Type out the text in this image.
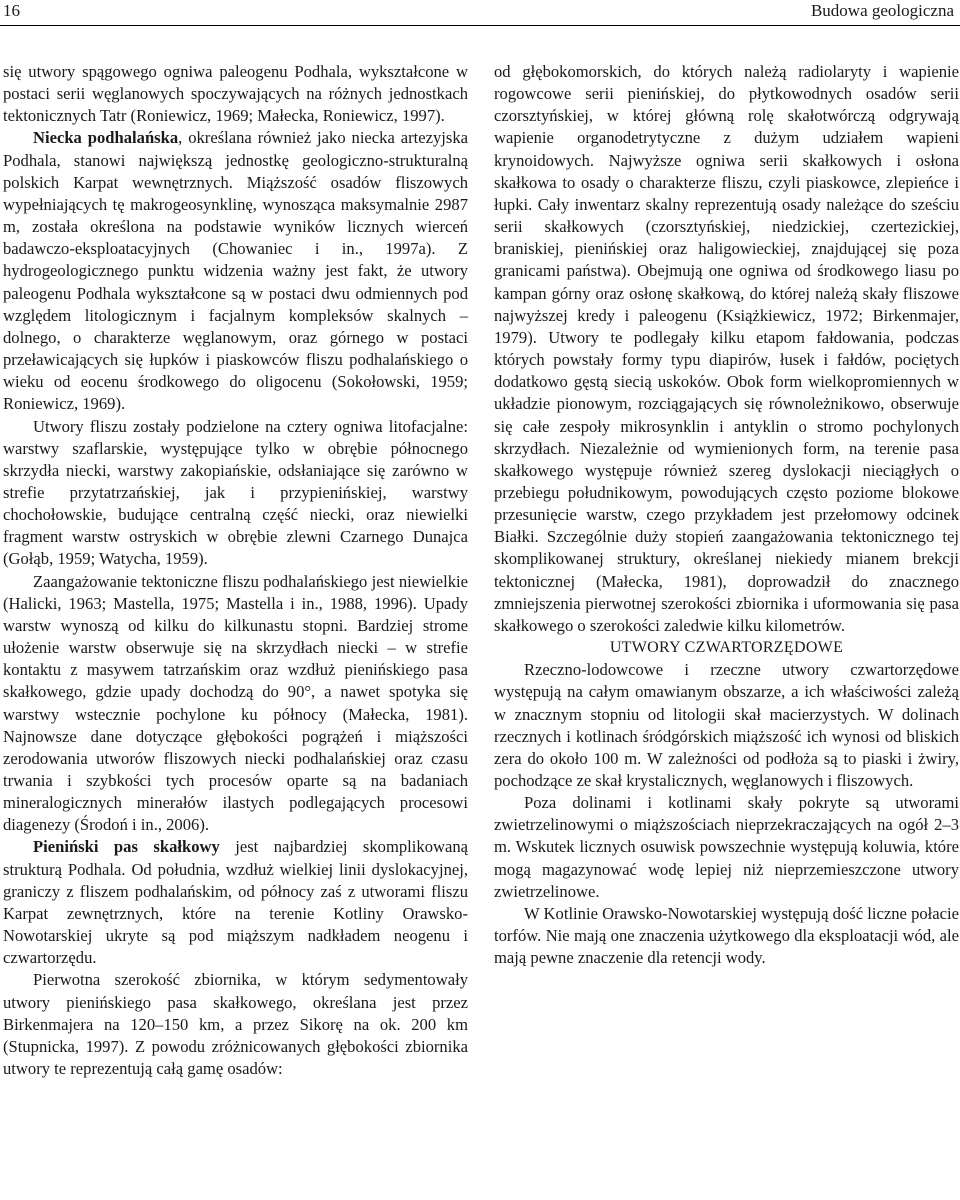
16	Budowa geologiczna

się utwory spągowego ogniwa paleogenu Podhala, wykształcone w postaci serii węglanowych spoczywających na różnych jednostkach tektonicznych Tatr (Roniewicz, 1969; Małecka, Roniewicz, 1997).

Niecka podhalańska, określana również jako niecka artezyjska Podhala, stanowi największą jednostkę geologiczno-strukturalną polskich Karpat wewnętrznych. Miąższość osadów fliszowych wypełniających tę makrogeosynklinę, wynosząca maksymalnie 2987 m, została określona na podstawie wyników licznych wierceń badawczo-eksploatacyjnych (Chowaniec i in., 1997a). Z hydrogeologicznego punktu widzenia ważny jest fakt, że utwory paleogenu Podhala wykształcone są w postaci dwu odmiennych pod względem litologicznym i facjalnym kompleksów skalnych – dolnego, o charakterze węglanowym, oraz górnego w postaci przeławicających się łupków i piaskowców fliszu podhalańskiego o wieku od eocenu środkowego do oligocenu (Sokołowski, 1959; Roniewicz, 1969).

Utwory fliszu zostały podzielone na cztery ogniwa litofacjalne: warstwy szaflarskie, występujące tylko w obrębie północnego skrzydła niecki, warstwy zakopiańskie, odsłaniające się zarówno w strefie przytatrzańskiej, jak i przypienińskiej, warstwy chochołowskie, budujące centralną część niecki, oraz niewielki fragment warstw ostryskich w obrębie zlewni Czarnego Dunajca (Gołąb, 1959; Watycha, 1959).

Zaangażowanie tektoniczne fliszu podhalańskiego jest niewielkie (Halicki, 1963; Mastella, 1975; Mastella i in., 1988, 1996). Upady warstw wynoszą od kilku do kilkunastu stopni. Bardziej strome ułożenie warstw obserwuje się na skrzydłach niecki – w strefie kontaktu z masywem tatrzańskim oraz wzdłuż pienińskiego pasa skałkowego, gdzie upady dochodzą do 90°, a nawet spotyka się warstwy wstecznie pochylone ku północy (Małecka, 1981). Najnowsze dane dotyczące głębokości pogrążeń i miąższości zerodowania utworów fliszowych niecki podhalańskiej oraz czasu trwania i szybkości tych procesów oparte są na badaniach mineralogicznych minerałów ilastych podlegających procesowi diagenezy (Środoń i in., 2006).

Pieniński pas skałkowy jest najbardziej skomplikowaną strukturą Podhala. Od południa, wzdłuż wielkiej linii dyslokacyjnej, graniczy z fliszem podhalańskim, od północy zaś z utworami fliszu Karpat zewnętrznych, które na terenie Kotliny Orawsko-Nowotarskiej ukryte są pod miąższym nadkładem neogenu i czwartorzędu.

Pierwotna szerokość zbiornika, w którym sedymentowały utwory pienińskiego pasa skałkowego, określana jest przez Birkenmajera na 120–150 km, a przez Sikorę na ok. 200 km (Stupnicka, 1997). Z powodu zróżnicowanych głębokości zbiornika utwory te reprezentują całą gamę osadów:

od głębokomorskich, do których należą radiolaryty i wapienie rogowcowe serii pienińskiej, do płytkowodnych osadów serii czorsztyńskiej, w której główną rolę skałotwórczą odgrywają wapienie organodetrytyczne z dużym udziałem wapieni krynoidowych. Najwyższe ogniwa serii skałkowych i osłona skałkowa to osady o charakterze fliszu, czyli piaskowce, zlepieńce i łupki. Cały inwentarz skalny reprezentują osady należące do sześciu serii skałkowych (czorsztyńskiej, niedzickiej, czertezickiej, braniskiej, pienińskiej oraz haligowieckiej, znajdującej się poza granicami państwa). Obejmują one ogniwa od środkowego liasu po kampan górny oraz osłonę skałkową, do której należą skały fliszowe najwyższej kredy i paleogenu (Książkiewicz, 1972; Birkenmajer, 1979). Utwory te podlegały kilku etapom fałdowania, podczas których powstały formy typu diapirów, łusek i fałdów, pociętych dodatkowo gęstą siecią uskoków. Obok form wielkopromiennych w układzie pionowym, rozciągających się równoleżnikowo, obserwuje się całe zespoły mikrosynklin i antyklin o stromo pochylonych skrzydłach. Niezależnie od wymienionych form, na terenie pasa skałkowego występuje również szereg dyslokacji nieciągłych o przebiegu południkowym, powodujących często poziome blokowe przesunięcie warstw, czego przykładem jest przełomowy odcinek Białki. Szczególnie duży stopień zaangażowania tektonicznego tej skomplikowanej struktury, określanej niekiedy mianem brekcji tektonicznej (Małecka, 1981), doprowadził do znacznego zmniejszenia pierwotnej szerokości zbiornika i uformowania się pasa skałkowego o szerokości zaledwie kilku kilometrów.

UTWORY CZWARTORZĘDOWE

Rzeczno-lodowcowe i rzeczne utwory czwartorzędowe występują na całym omawianym obszarze, a ich właściwości zależą w znacznym stopniu od litologii skał macierzystych. W dolinach rzecznych i kotlinach śródgórskich miąższość ich wynosi od bliskich zera do około 100 m. W zależności od podłoża są to piaski i żwiry, pochodzące ze skał krystalicznych, węglanowych i fliszowych.

Poza dolinami i kotlinami skały pokryte są utworami zwietrzelinowymi o miąższościach nieprzekraczających na ogół 2–3 m. Wskutek licznych osuwisk powszechnie występują koluwia, które mogą magazynować wodę lepiej niż nieprzemieszczone utwory zwietrzelinowe.

W Kotlinie Orawsko-Nowotarskiej występują dość liczne połacie torfów. Nie mają one znaczenia użytkowego dla eksploatacji wód, ale mają pewne znaczenie dla retencji wody.
